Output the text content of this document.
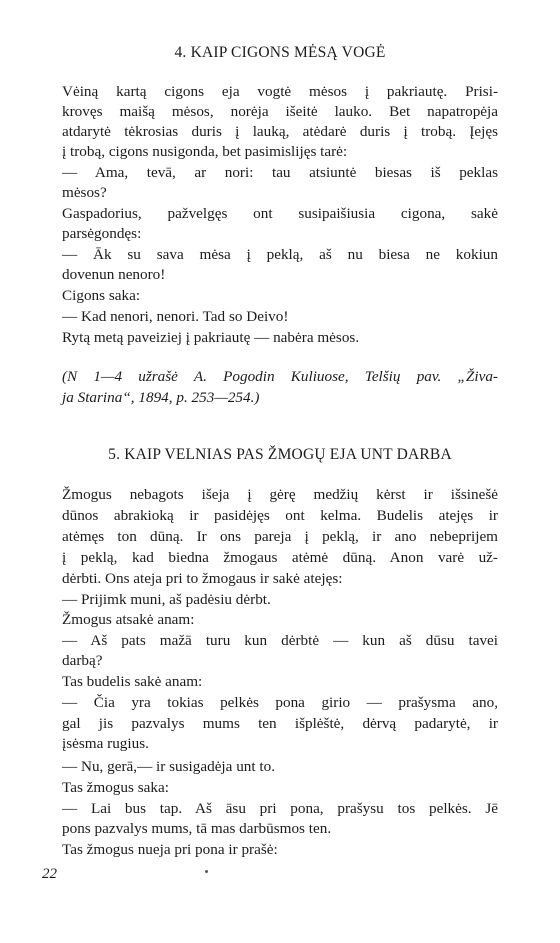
4. KAIP CIGONS MĖSĄ VOGĖ
Vėiną kartą cigons eja vogtė mėsos į pakriautę. Prisi-
krovęs maišą mėsos, norėja išeitė lauko. Bet napatropėja
atdarytė tėkrosias duris į lauką, atėdarė duris į trobą. Įejęs
į trobą, cigons nusigonda, bet pasimislijęs tarė:
— Ama, tevā, ar nori: tau atsiuntė biesas iš peklas
mėsos?
Gaspadorius, pažvelgęs ont susipaišiusia cigona, sakė
parsėgondęs:
— Āk su sava mėsa į peklą, aš nu biesa ne kokiun
dovenun nenoro!
Cigons saka:
— Kad nenori, nenori. Tad so Deivo!
Rytą metą paveiziej į pakriautę — nabėra mėsos.
(N 1—4 užrašė A. Pogodin Kuliuose, Telšių pav. „Živa-
ja Starina“, 1894, p. 253—254.)
5. KAIP VELNIAS PAS ŽMOGŲ EJA UNT DARBA
Žmogus nebagots išeja į gėrę medžių kėrst ir išsinešė
dūnos abrakioką ir pasidėjęs ont kelma. Budelis atejęs ir
atėmęs ton dūną. Ir ons pareja į peklą, ir ano nebeprijem
į peklą, kad biedna žmogaus atėmė dūną. Anon varė už-
dėrbti. Ons ateja pri to žmogaus ir sakė atejęs:
— Prijimk muni, aš padėsiu dėrbt.
Žmogus atsakė anam:
— Aš pats mažā turu kun dėrbtė — kun aš dūsu tavei
darbą?
Tas budelis sakė anam:
— Čia yra tokias pelkės pona girio — prašysma ano,
gal jis pazvalys mums ten išplėštė, dėrvą padarytė, ir
įsėsma rugius.
— Nu, gerā,— ir susigadėja unt to.
Tas žmogus saka:
— Lai bus tap. Aš āsu pri pona, prašysu tos pelkės. Jē
pons pazvalys mums, tā mas darbūsmos ten.
Tas žmogus nueja pri pona ir prašė:
22
